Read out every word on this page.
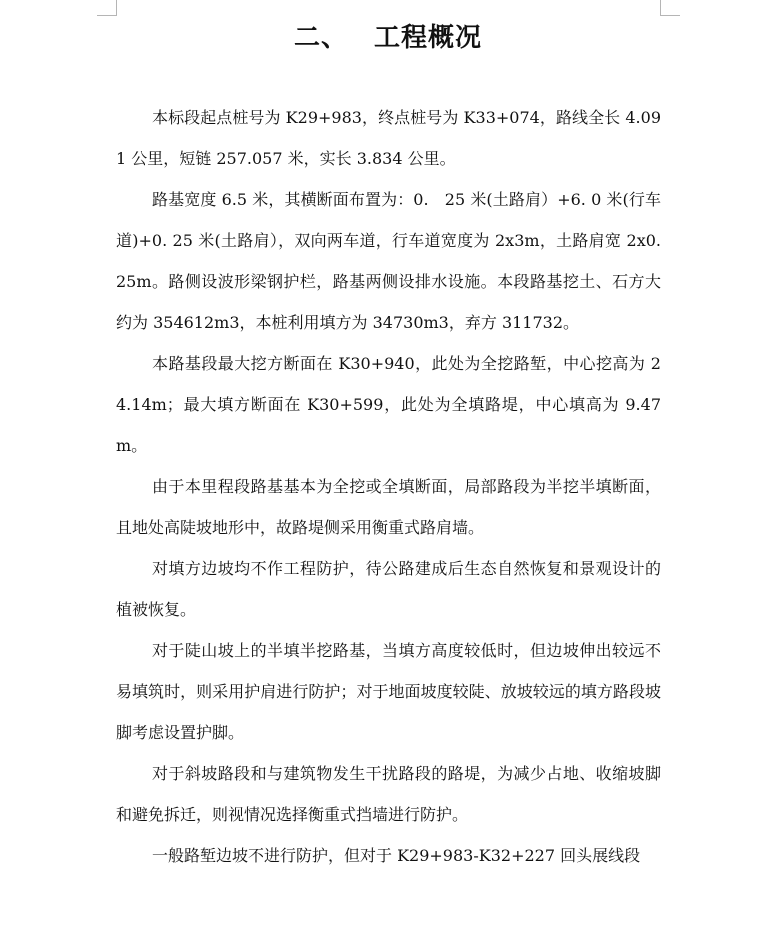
二、 工程概况

本标段起点桩号为 K29+983，终点桩号为 K33+074，路线全长 4.091 公里，短链 257.057 米，实长 3.834 公里。

路基宽度 6.5 米，其横断面布置为：0.　25 米(土路肩）+6. 0 米(行车道)+0. 25 米(土路肩），双向两车道，行车道宽度为 2x3m，土路肩宽 2x0.25m。路侧设波形梁钢护栏，路基两侧设排水设施。本段路基挖土、石方大约为 354612m3，本桩利用填方为 34730m3，弃方 311732。

本路基段最大挖方断面在 K30+940，此处为全挖路堑，中心挖高为 24.14m；最大填方断面在 K30+599，此处为全填路堤，中心填高为 9.47m。

由于本里程段路基基本为全挖或全填断面，局部路段为半挖半填断面，且地处高陡坡地形中，故路堤侧采用衡重式路肩墙。

对填方边坡均不作工程防护，待公路建成后生态自然恢复和景观设计的植被恢复。

对于陡山坡上的半填半挖路基，当填方高度较低时，但边坡伸出较远不易填筑时，则采用护肩进行防护；对于地面坡度较陡、放坡较远的填方路段坡脚考虑设置护脚。

对于斜坡路段和与建筑物发生干扰路段的路堤，为减少占地、收缩坡脚和避免拆迁，则视情况选择衡重式挡墙进行防护。

一般路堑边坡不进行防护，但对于 K29+983-K32+227 回头展线段
